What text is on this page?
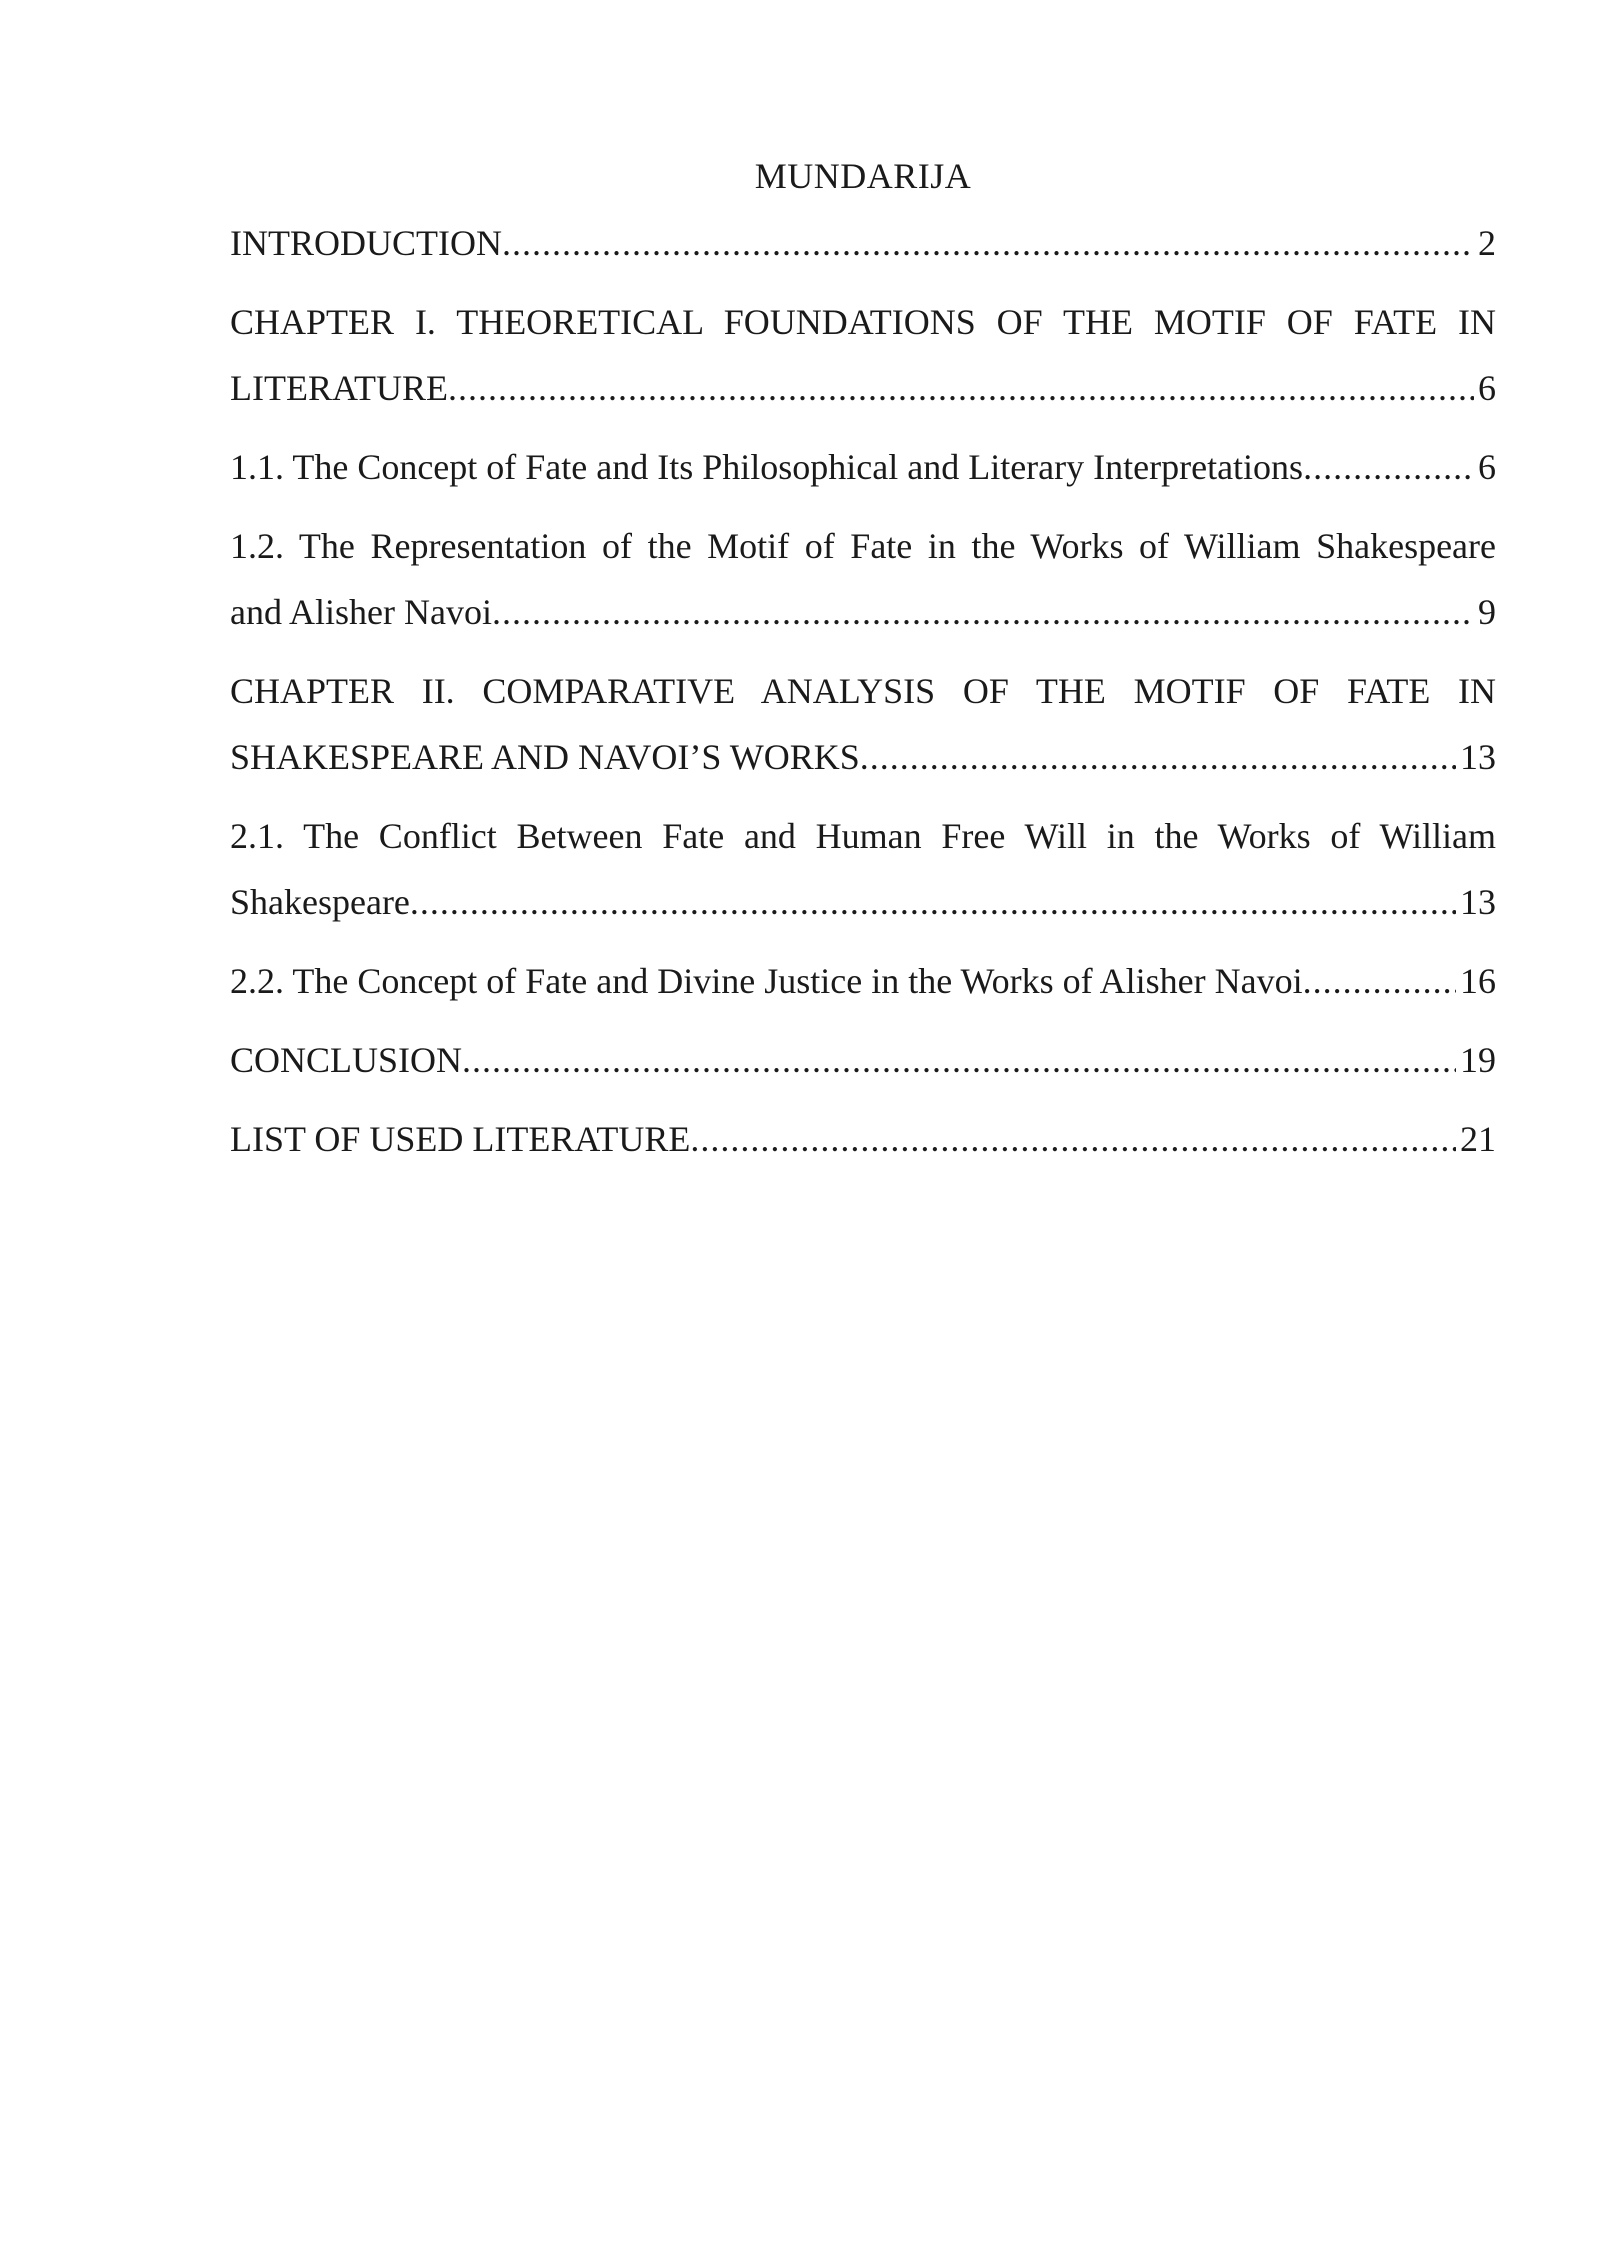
MUNDARIJA
INTRODUCTION .....	2
CHAPTER I. THEORETICAL FOUNDATIONS OF THE MOTIF OF FATE IN
LITERATURE .....	6
1.1. The Concept of Fate and Its Philosophical and Literary Interpretations .....	6
1.2. The Representation of the Motif of Fate in the Works of William Shakespeare
and Alisher Navoi .....	9
CHAPTER II. COMPARATIVE ANALYSIS OF THE MOTIF OF FATE IN
SHAKESPEARE AND NAVOI’S WORKS .....	13
2.1. The Conflict Between Fate and Human Free Will in the Works of William
Shakespeare .....	13
2.2. The Concept of Fate and Divine Justice in the Works of Alisher Navoi .....	16
CONCLUSION .....	19
LIST OF USED LITERATURE .....	21
